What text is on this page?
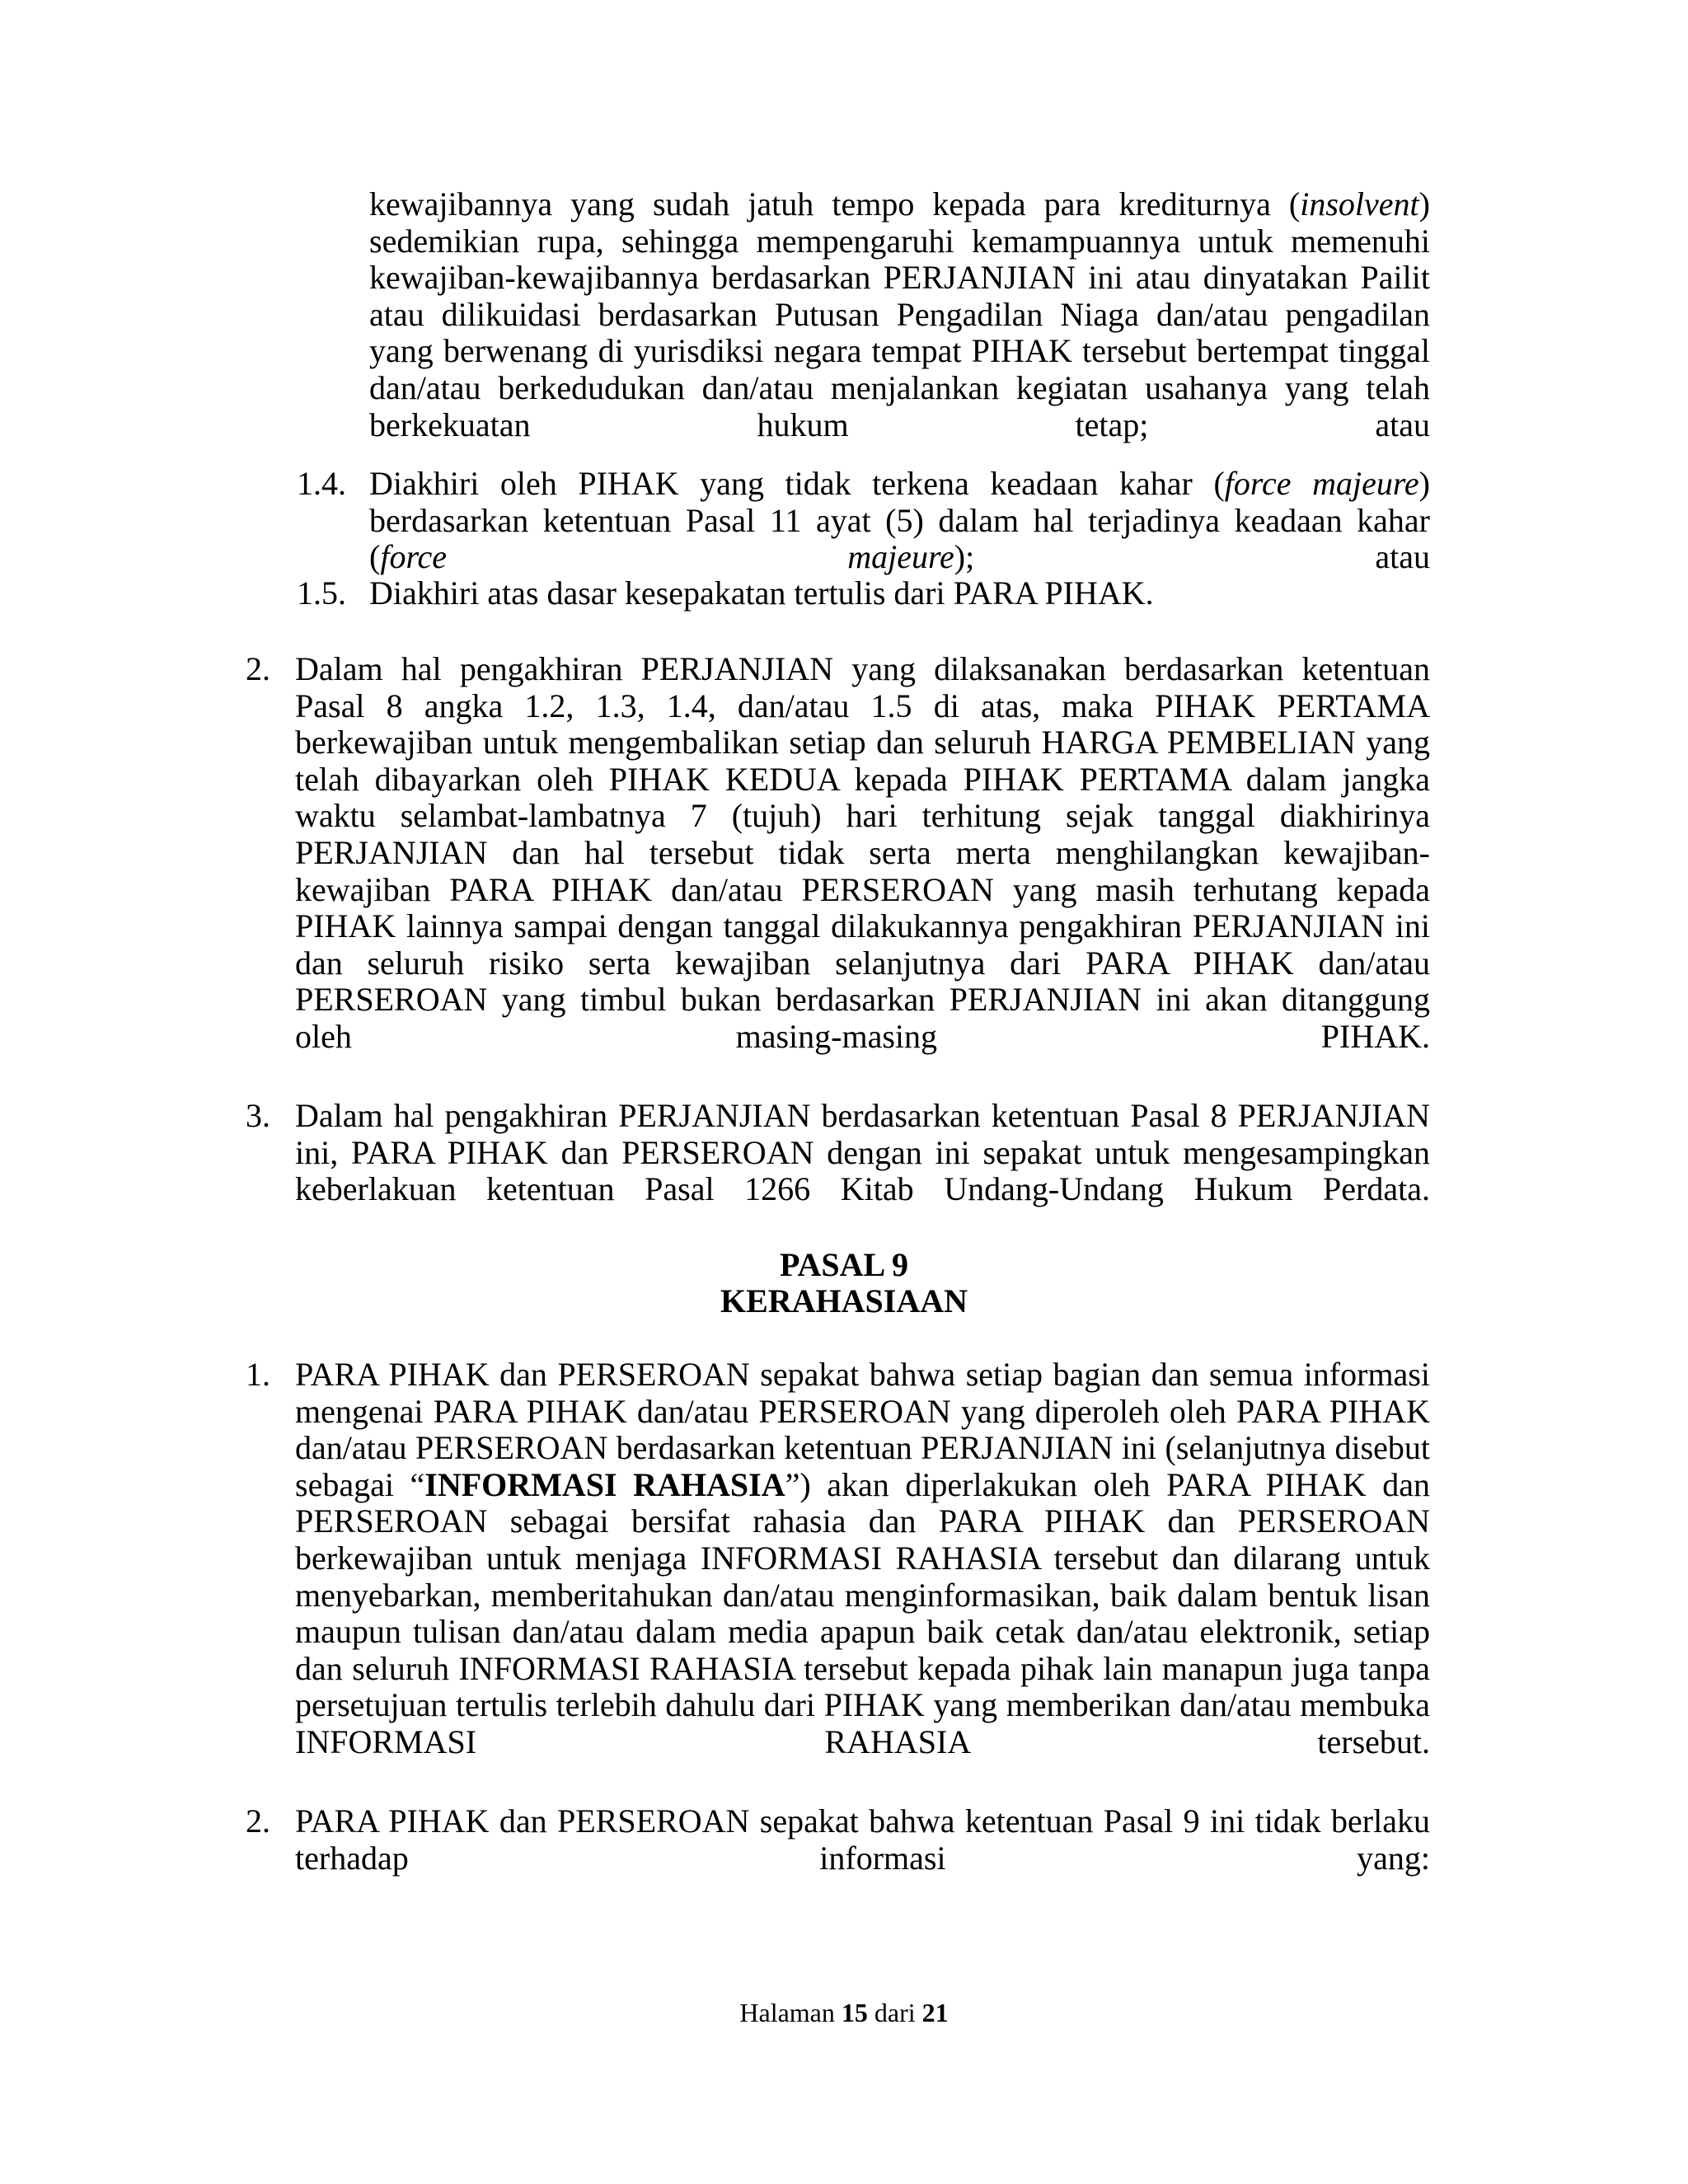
kewajibannya yang sudah jatuh tempo kepada para krediturnya (insolvent) sedemikian rupa, sehingga mempengaruhi kemampuannya untuk memenuhi kewajiban-kewajibannya berdasarkan PERJANJIAN ini atau dinyatakan Pailit atau dilikuidasi berdasarkan Putusan Pengadilan Niaga dan/atau pengadilan yang berwenang di yurisdiksi negara tempat PIHAK tersebut bertempat tinggal dan/atau berkedudukan dan/atau menjalankan kegiatan usahanya yang telah berkekuatan hukum tetap; atau

1.4. Diakhiri oleh PIHAK yang tidak terkena keadaan kahar (force majeure) berdasarkan ketentuan Pasal 11 ayat (5) dalam hal terjadinya keadaan kahar (force majeure); atau

1.5. Diakhiri atas dasar kesepakatan tertulis dari PARA PIHAK.

2. Dalam hal pengakhiran PERJANJIAN yang dilaksanakan berdasarkan ketentuan Pasal 8 angka 1.2, 1.3, 1.4, dan/atau 1.5 di atas, maka PIHAK PERTAMA berkewajiban untuk mengembalikan setiap dan seluruh HARGA PEMBELIAN yang telah dibayarkan oleh PIHAK KEDUA kepada PIHAK PERTAMA dalam jangka waktu selambat-lambatnya 7 (tujuh) hari terhitung sejak tanggal diakhirinya PERJANJIAN dan hal tersebut tidak serta merta menghilangkan kewajiban-kewajiban PARA PIHAK dan/atau PERSEROAN yang masih terhutang kepada PIHAK lainnya sampai dengan tanggal dilakukannya pengakhiran PERJANJIAN ini dan seluruh risiko serta kewajiban selanjutnya dari PARA PIHAK dan/atau PERSEROAN yang timbul bukan berdasarkan PERJANJIAN ini akan ditanggung oleh masing-masing PIHAK.

3. Dalam hal pengakhiran PERJANJIAN berdasarkan ketentuan Pasal 8 PERJANJIAN ini, PARA PIHAK dan PERSEROAN dengan ini sepakat untuk mengesampingkan keberlakuan ketentuan Pasal 1266 Kitab Undang-Undang Hukum Perdata.

PASAL 9
KERAHASIAAN
1. PARA PIHAK dan PERSEROAN sepakat bahwa setiap bagian dan semua informasi mengenai PARA PIHAK dan/atau PERSEROAN yang diperoleh oleh PARA PIHAK dan/atau PERSEROAN berdasarkan ketentuan PERJANJIAN ini (selanjutnya disebut sebagai “INFORMASI RAHASIA”) akan diperlakukan oleh PARA PIHAK dan PERSEROAN sebagai bersifat rahasia dan PARA PIHAK dan PERSEROAN berkewajiban untuk menjaga INFORMASI RAHASIA tersebut dan dilarang untuk menyebarkan, memberitahukan dan/atau menginformasikan, baik dalam bentuk lisan maupun tulisan dan/atau dalam media apapun baik cetak dan/atau elektronik, setiap dan seluruh INFORMASI RAHASIA tersebut kepada pihak lain manapun juga tanpa persetujuan tertulis terlebih dahulu dari PIHAK yang memberikan dan/atau membuka INFORMASI RAHASIA tersebut.

2. PARA PIHAK dan PERSEROAN sepakat bahwa ketentuan Pasal 9 ini tidak berlaku terhadap informasi yang:

Halaman 15 dari 21
